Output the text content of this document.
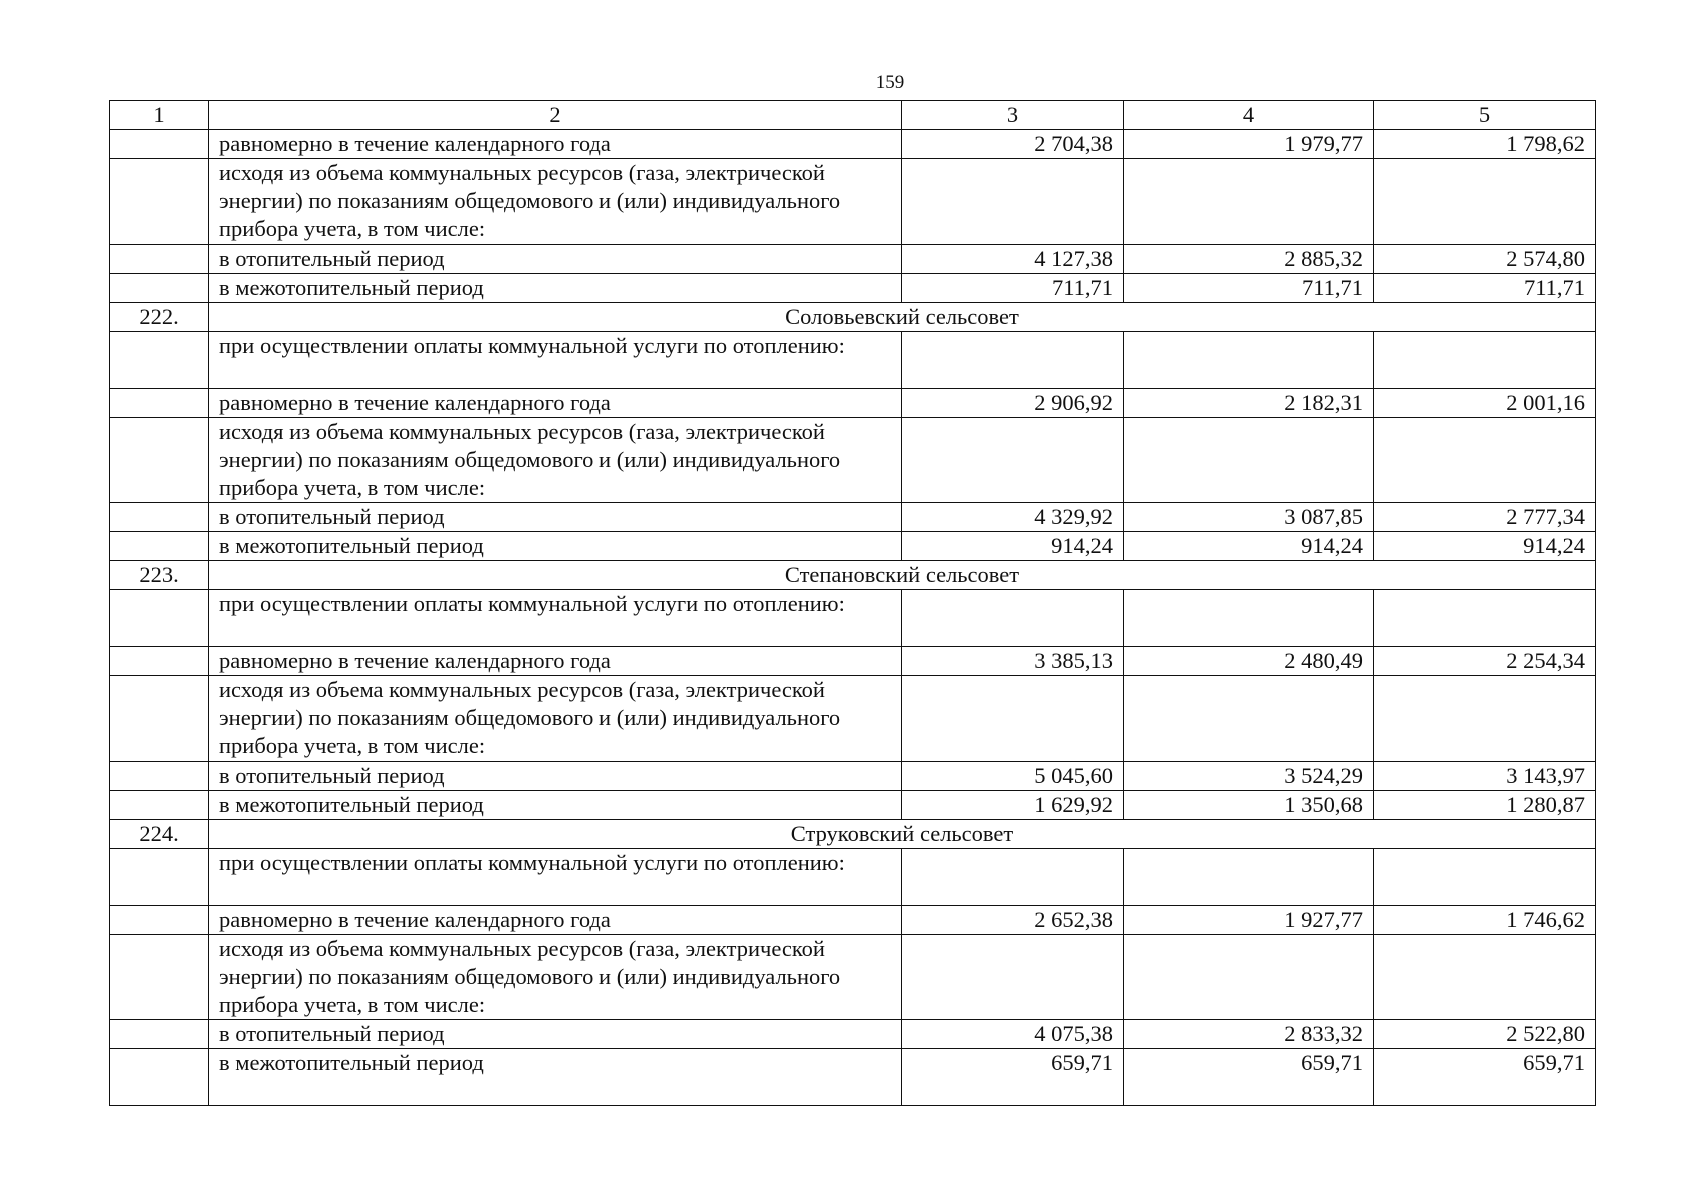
159
1	2	3	4	5
	равномерно в течение календарного года	2 704,38	1 979,77	1 798,62
	исходя из объема коммунальных ресурсов (газа, электрической энергии) по показаниям общедомового и (или) индивидуального прибора учета, в том числе:			
	в отопительный период	4 127,38	2 885,32	2 574,80
	в межотопительный период	711,71	711,71	711,71
222.	Соловьевский сельсовет			
	при осуществлении оплаты коммунальной услуги по отоплению:			
	равномерно в течение календарного года	2 906,92	2 182,31	2 001,16
	исходя из объема коммунальных ресурсов (газа, электрической энергии) по показаниям общедомового и (или) индивидуального прибора учета, в том числе:			
	в отопительный период	4 329,92	3 087,85	2 777,34
	в межотопительный период	914,24	914,24	914,24
223.	Степановский сельсовет			
	при осуществлении оплаты коммунальной услуги по отоплению:			
	равномерно в течение календарного года	3 385,13	2 480,49	2 254,34
	исходя из объема коммунальных ресурсов (газа, электрической энергии) по показаниям общедомового и (или) индивидуального прибора учета, в том числе:			
	в отопительный период	5 045,60	3 524,29	3 143,97
	в межотопительный период	1 629,92	1 350,68	1 280,87
224.	Струковский сельсовет			
	при осуществлении оплаты коммунальной услуги по отоплению:			
	равномерно в течение календарного года	2 652,38	1 927,77	1 746,62
	исходя из объема коммунальных ресурсов (газа, электрической энергии) по показаниям общедомового и (или) индивидуального прибора учета, в том числе:			
	в отопительный период	4 075,38	2 833,32	2 522,80
	в межотопительный период	659,71	659,71	659,71
